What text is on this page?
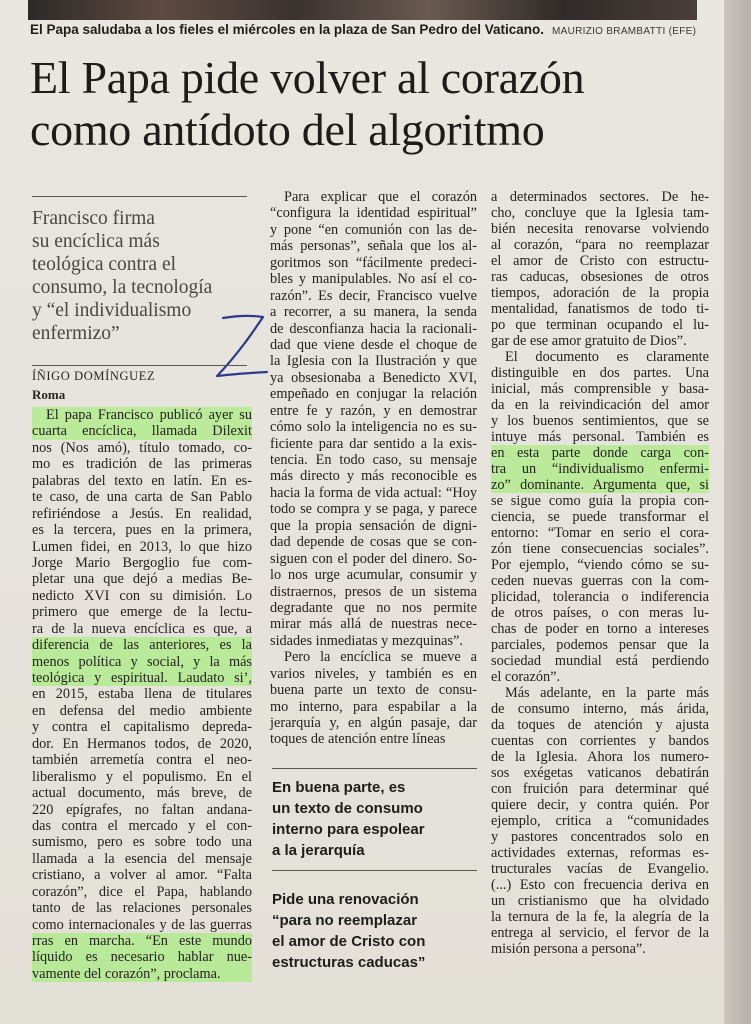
El Papa saludaba a los fieles el miércoles en la plaza de San Pedro del Vaticano. MAURIZIO BRAMBATTI (EFE)
El Papa pide volver al corazón
como antídoto del algoritmo
Francisco firma
su encíclica más
teológica contra el
consumo, la tecnología
y “el individualismo
enfermizo”
ÍÑIGO DOMÍNGUEZ
Roma
El papa Francisco publicó ayer su
cuarta encíclica, llamada Dilexit
nos (Nos amó), título tomado, co-
mo es tradición de las primeras
palabras del texto en latín. En es-
te caso, de una carta de San Pablo
refiriéndose a Jesús. En realidad,
es la tercera, pues en la primera,
Lumen fidei, en 2013, lo que hizo
Jorge Mario Bergoglio fue com-
pletar una que dejó a medias Be-
nedicto XVI con su dimisión. Lo
primero que emerge de la lectu-
ra de la nueva encíclica es que, a
diferencia de las anteriores, es la
menos política y social, y la más
teológica y espiritual. Laudato si’,
en 2015, estaba llena de titulares
en defensa del medio ambiente
y contra el capitalismo depreda-
dor. En Hermanos todos, de 2020,
también arremetía contra el neo-
liberalismo y el populismo. En el
actual documento, más breve, de
220 epígrafes, no faltan andana-
das contra el mercado y el con-
sumismo, pero es sobre todo una
llamada a la esencia del mensaje
cristiano, a volver al amor. “Falta
corazón”, dice el Papa, hablando
tanto de las relaciones personales
como internacionales y de las guerras
rras en marcha. “En este mundo
líquido es necesario hablar nue-
vamente del corazón”, proclama.
Para explicar que el corazón
“configura la identidad espiritual”
y pone “en comunión con las de-
más personas”, señala que los al-
goritmos son “fácilmente predeci-
bles y manipulables. No así el co-
razón”. Es decir, Francisco vuelve
a recorrer, a su manera, la senda
de desconfianza hacia la racionali-
dad que viene desde el choque de
la Iglesia con la Ilustración y que
ya obsesionaba a Benedicto XVI,
empeñado en conjugar la relación
entre fe y razón, y en demostrar
cómo solo la inteligencia no es su-
ficiente para dar sentido a la exis-
tencia. En todo caso, su mensaje
más directo y más reconocible es
hacia la forma de vida actual: “Hoy
todo se compra y se paga, y parece
que la propia sensación de digni-
dad depende de cosas que se con-
siguen con el poder del dinero. So-
lo nos urge acumular, consumir y
distraernos, presos de un sistema
degradante que no nos permite
mirar más allá de nuestras nece-
sidades inmediatas y mezquinas”.
Pero la encíclica se mueve a
varios niveles, y también es en
buena parte un texto de consu-
mo interno, para espabilar a la
jerarquía y, en algún pasaje, dar
toques de atención entre líneas
a determinados sectores. De he-
cho, concluye que la Iglesia tam-
bién necesita renovarse volviendo
al corazón, “para no reemplazar
el amor de Cristo con estructu-
ras caducas, obsesiones de otros
tiempos, adoración de la propia
mentalidad, fanatismos de todo ti-
po que terminan ocupando el lu-
gar de ese amor gratuito de Dios”.
El documento es claramente
distinguible en dos partes. Una
inicial, más comprensible y basa-
da en la reivindicación del amor
y los buenos sentimientos, que se
intuye más personal. También es
en esta parte donde carga con-
tra un “individualismo enfermi-
zo” dominante. Argumenta que, si
se sigue como guía la propia con-
ciencia, se puede transformar el
entorno: “Tomar en serio el cora-
zón tiene consecuencias sociales”.
Por ejemplo, “viendo cómo se su-
ceden nuevas guerras con la com-
plicidad, tolerancia o indiferencia
de otros países, o con meras lu-
chas de poder en torno a intereses
parciales, podemos pensar que la
sociedad mundial está perdiendo
el corazón”.
Más adelante, en la parte más
de consumo interno, más árida,
da toques de atención y ajusta
cuentas con corrientes y bandos
de la Iglesia. Ahora los numero-
sos exégetas vaticanos debatirán
con fruición para determinar qué
quiere decir, y contra quién. Por
ejemplo, critica a “comunidades
y pastores concentrados solo en
actividades externas, reformas es-
tructurales vacías de Evangelio.
(...) Esto con frecuencia deriva en
un cristianismo que ha olvidado
la ternura de la fe, la alegría de la
entrega al servicio, el fervor de la
misión persona a persona”.
En buena parte, es
un texto de consumo
interno para espolear
a la jerarquía
Pide una renovación
“para no reemplazar
el amor de Cristo con
estructuras caducas”
